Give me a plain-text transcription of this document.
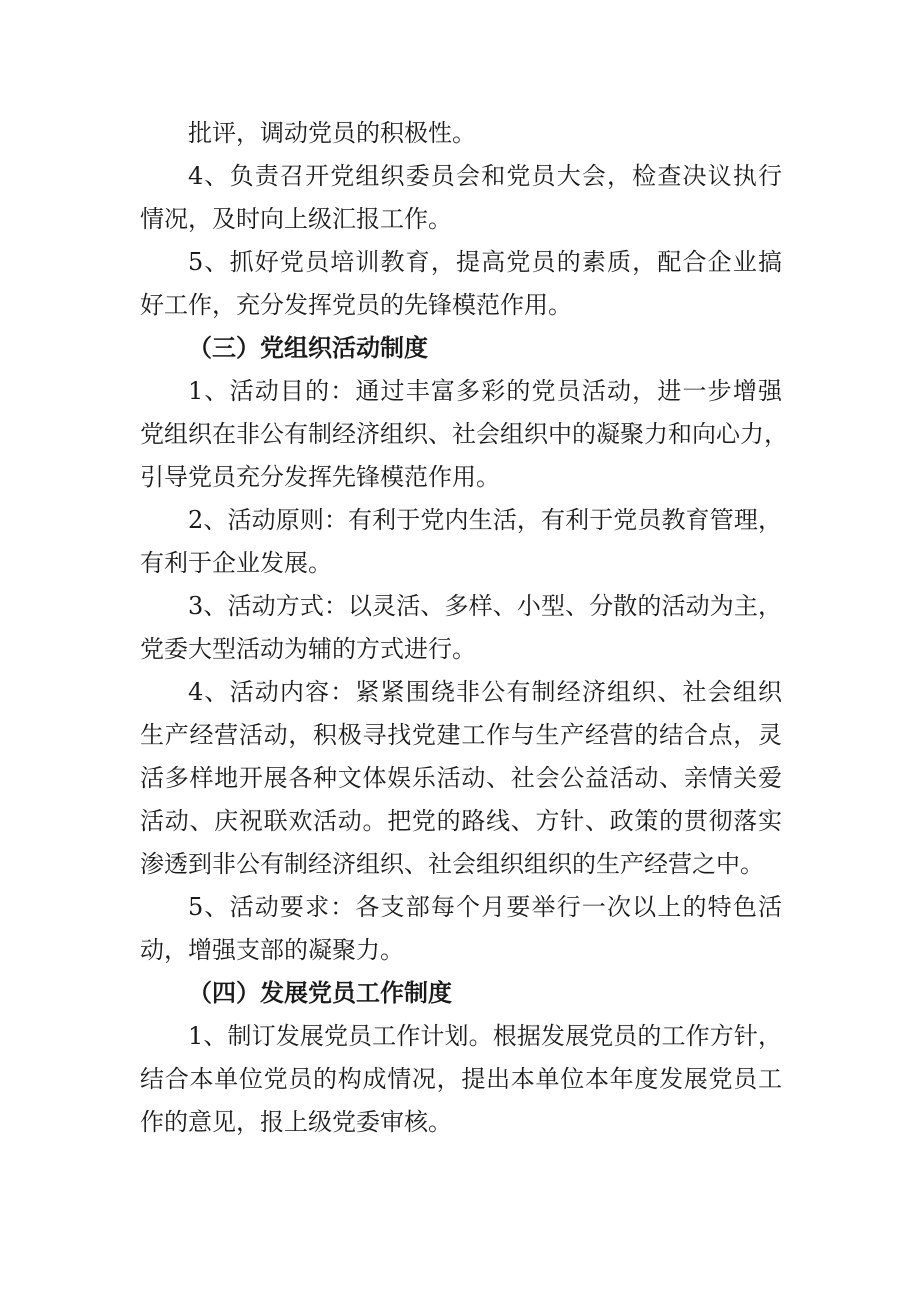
批评，调动党员的积极性。

4、负责召开党组织委员会和党员大会，检查决议执行
情况，及时向上级汇报工作。

5、抓好党员培训教育，提高党员的素质，配合企业搞
好工作，充分发挥党员的先锋模范作用。

（三）党组织活动制度

1、活动目的：通过丰富多彩的党员活动，进一步增强
党组织在非公有制经济组织、社会组织中的凝聚力和向心力，
引导党员充分发挥先锋模范作用。

2、活动原则：有利于党内生活，有利于党员教育管理，
有利于企业发展。

3、活动方式：以灵活、多样、小型、分散的活动为主，
党委大型活动为辅的方式进行。

4、活动内容：紧紧围绕非公有制经济组织、社会组织
生产经营活动，积极寻找党建工作与生产经营的结合点，灵
活多样地开展各种文体娱乐活动、社会公益活动、亲情关爱
活动、庆祝联欢活动。把党的路线、方针、政策的贯彻落实
渗透到非公有制经济组织、社会组织组织的生产经营之中。

5、活动要求：各支部每个月要举行一次以上的特色活
动，增强支部的凝聚力。

（四）发展党员工作制度

1、制订发展党员工作计划。根据发展党员的工作方针，
结合本单位党员的构成情况，提出本单位本年度发展党员工
作的意见，报上级党委审核。
